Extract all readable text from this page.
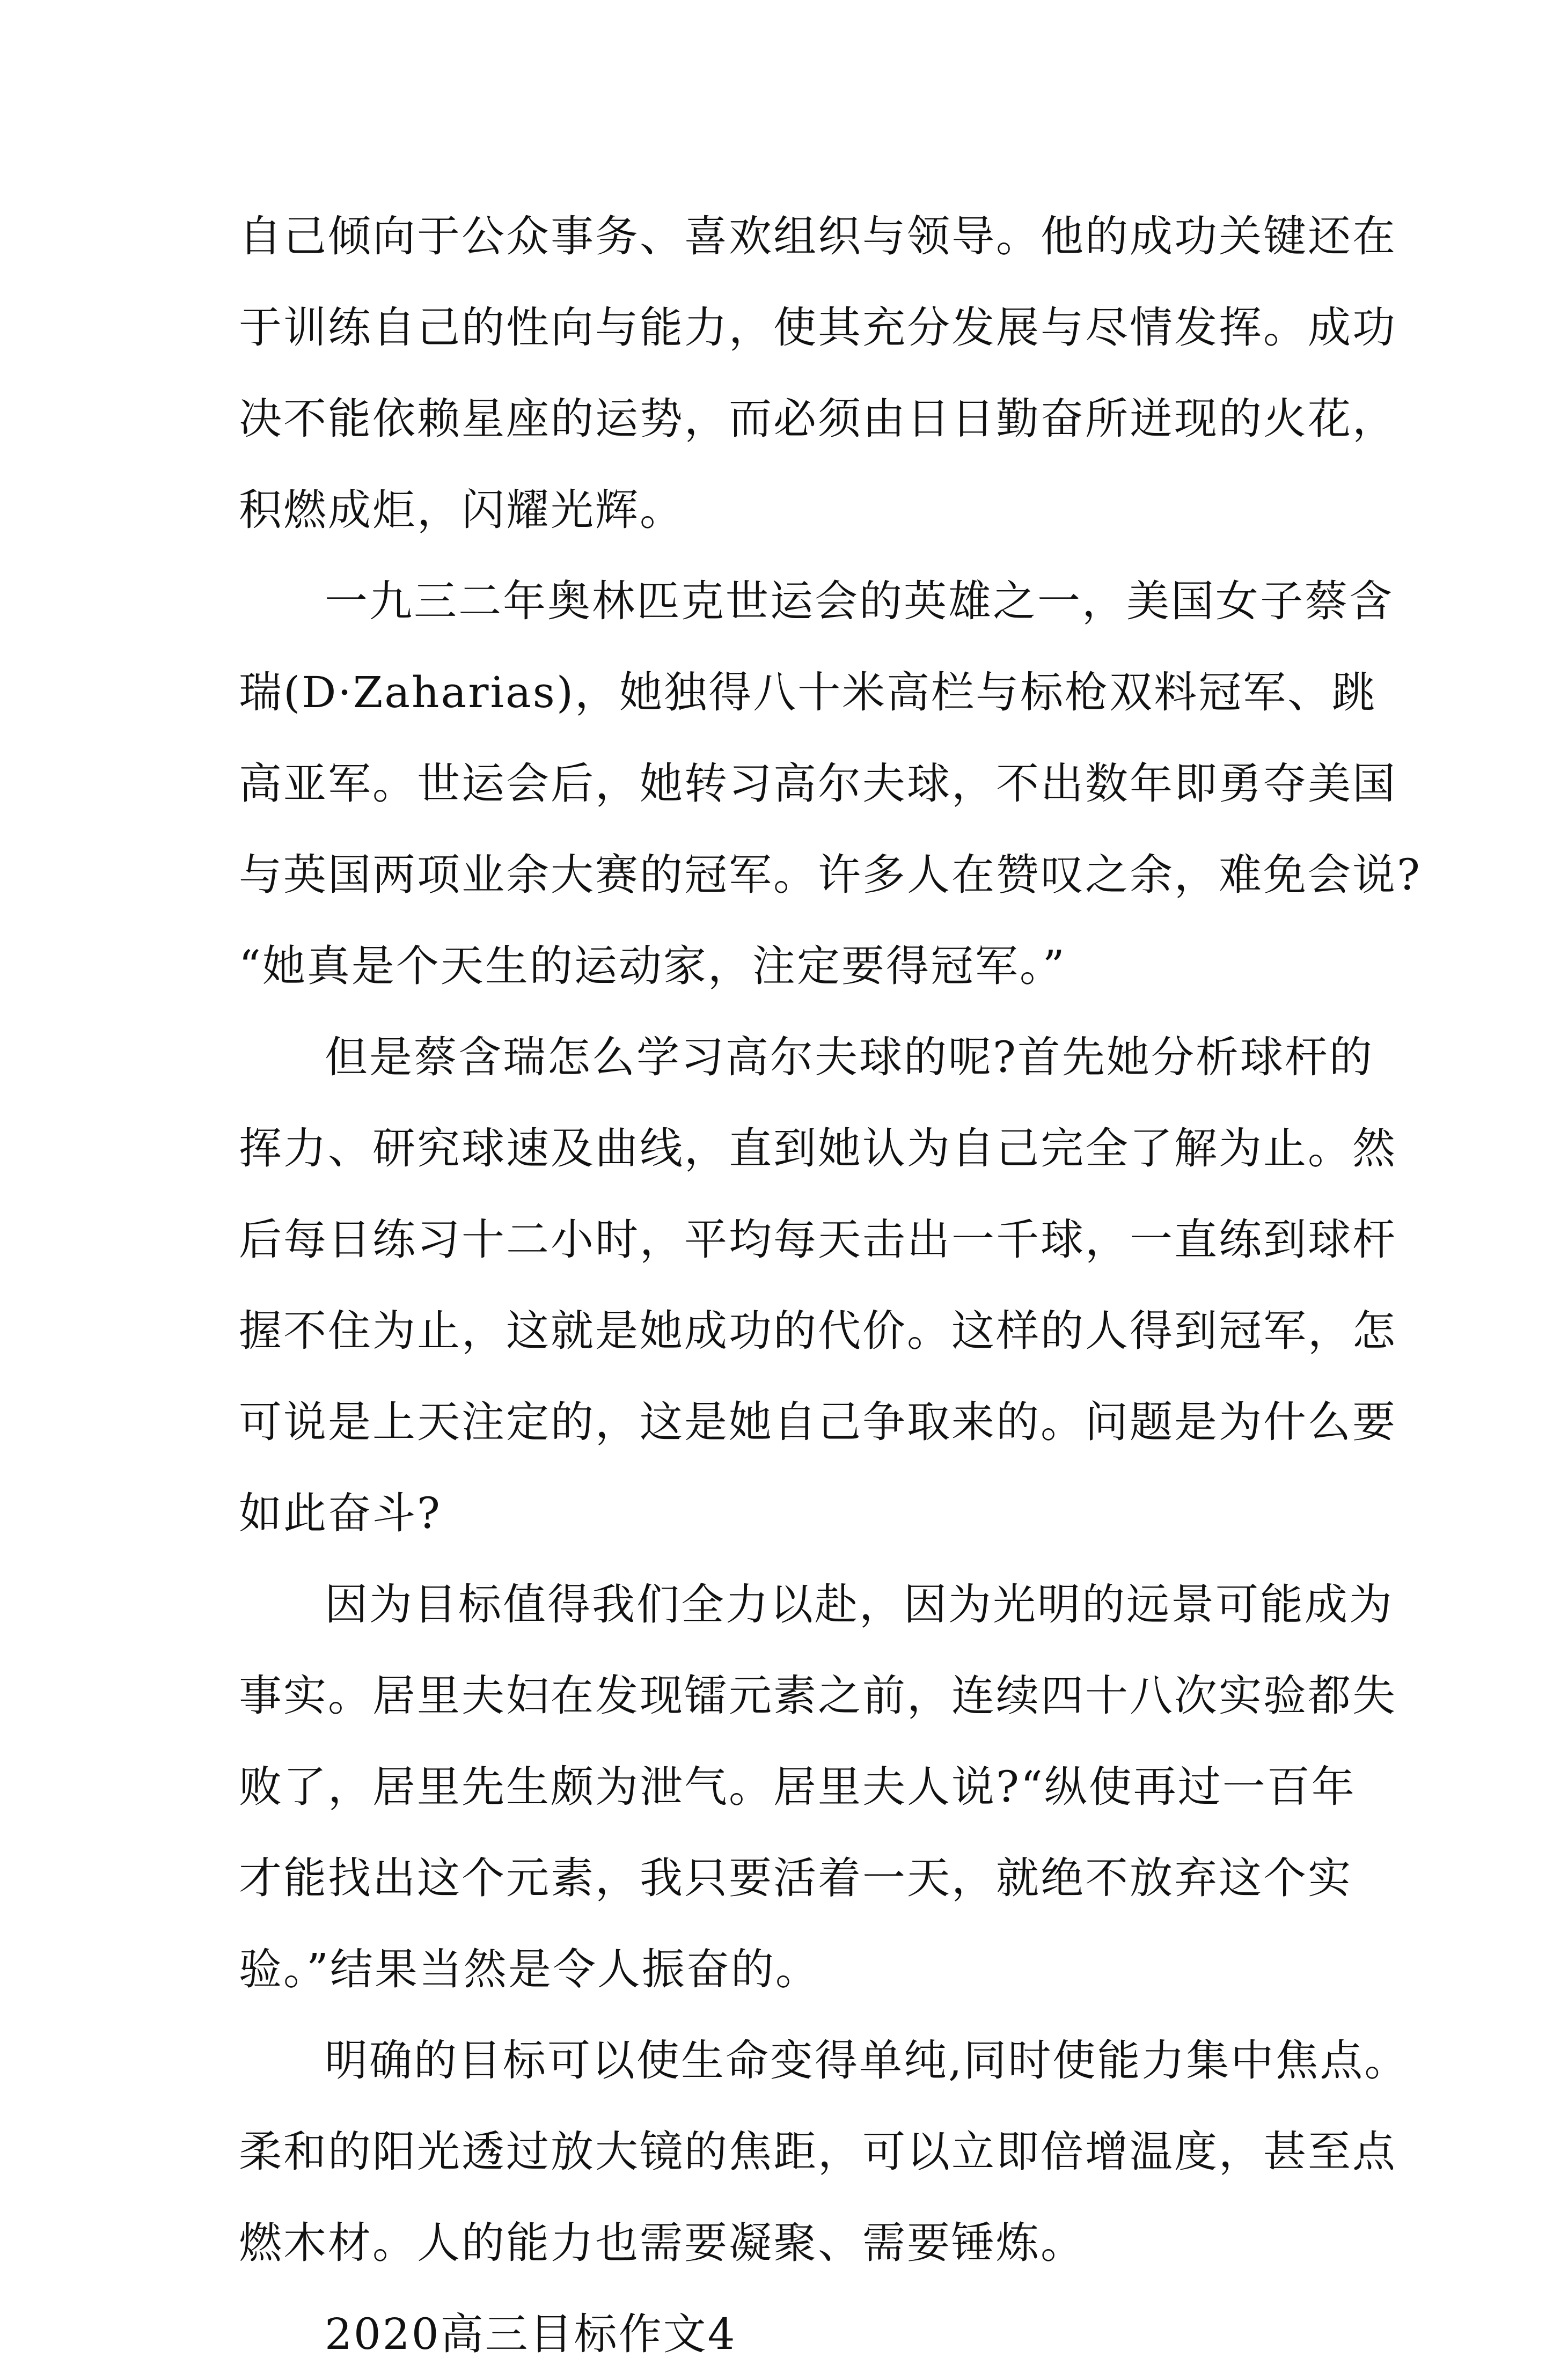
自己倾向于公众事务、喜欢组织与领导。他的成功关键还在
于训练自己的性向与能力，使其充分发展与尽情发挥。成功
决不能依赖星座的运势，而必须由日日勤奋所迸现的火花，
积燃成炬，闪耀光辉。
一九三二年奥林匹克世运会的英雄之一，美国女子蔡含
瑞(D·Zaharias)，她独得八十米高栏与标枪双料冠军、跳
高亚军。世运会后，她转习高尔夫球，不出数年即勇夺美国
与英国两项业余大赛的冠军。许多人在赞叹之余，难免会说?
“她真是个天生的运动家，注定要得冠军。”
但是蔡含瑞怎么学习高尔夫球的呢?首先她分析球杆的
挥力、研究球速及曲线，直到她认为自己完全了解为止。然
后每日练习十二小时，平均每天击出一千球，一直练到球杆
握不住为止，这就是她成功的代价。这样的人得到冠军，怎
可说是上天注定的，这是她自己争取来的。问题是为什么要
如此奋斗?
因为目标值得我们全力以赴，因为光明的远景可能成为
事实。居里夫妇在发现镭元素之前，连续四十八次实验都失
败了，居里先生颇为泄气。居里夫人说?“纵使再过一百年
才能找出这个元素，我只要活着一天，就绝不放弃这个实
验。”结果当然是令人振奋的。
明确的目标可以使生命变得单纯,同时使能力集中焦点。
柔和的阳光透过放大镜的焦距，可以立即倍增温度，甚至点
燃木材。人的能力也需要凝聚、需要锤炼。
2020高三目标作文4
